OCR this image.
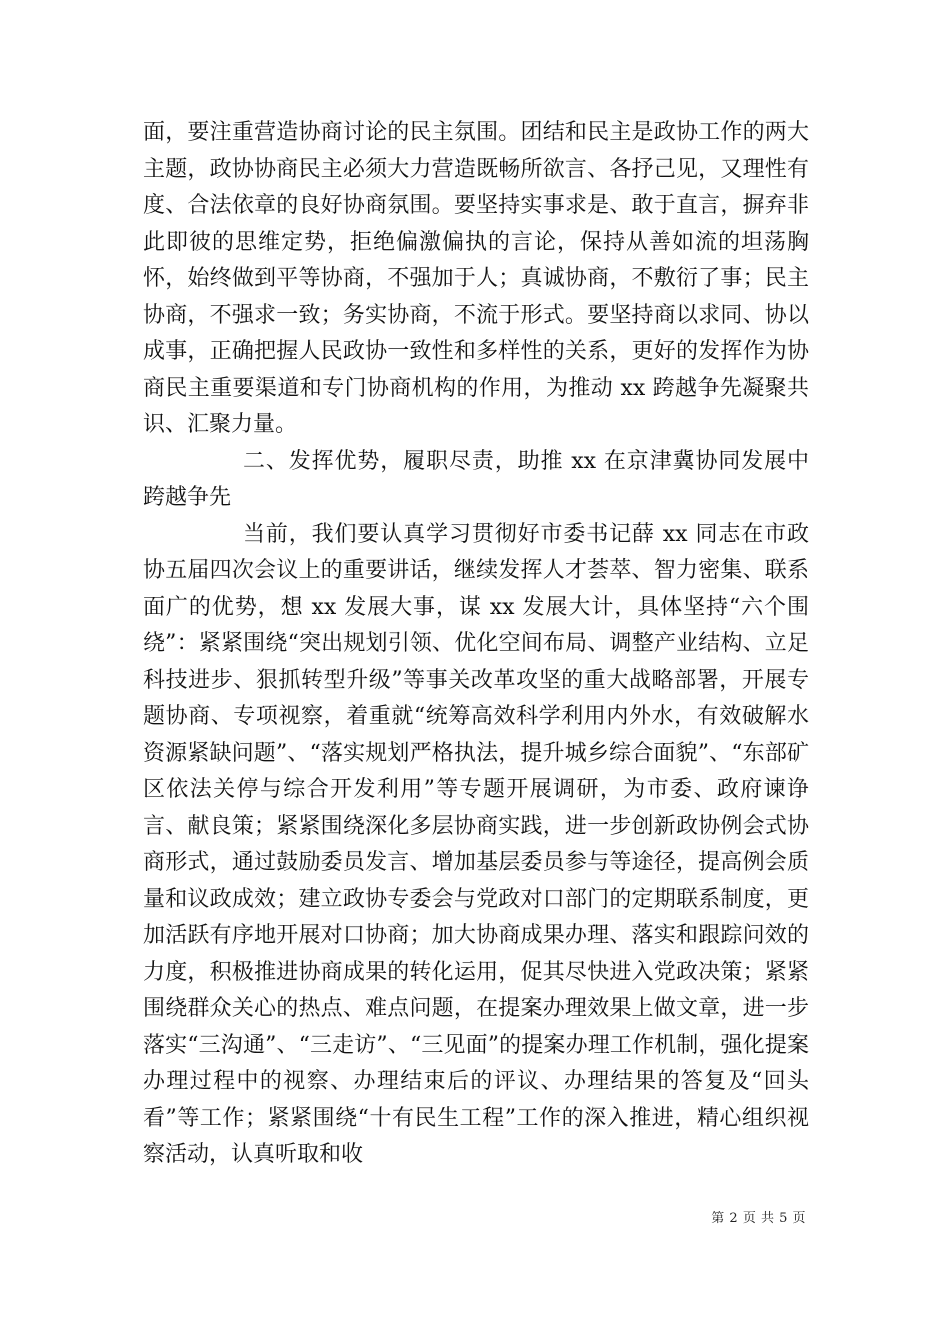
面，要注重营造协商讨论的民主氛围。团结和民主是政协工作的两大主题，政协协商民主必须大力营造既畅所欲言、各抒己见，又理性有度、合法依章的良好协商氛围。要坚持实事求是、敢于直言，摒弃非此即彼的思维定势，拒绝偏激偏执的言论，保持从善如流的坦荡胸怀，始终做到平等协商，不强加于人；真诚协商，不敷衍了事；民主协商，不强求一致；务实协商，不流于形式。要坚持商以求同、协以成事，正确把握人民政协一致性和多样性的关系，更好的发挥作为协商民主重要渠道和专门协商机构的作用，为推动 xx 跨越争先凝聚共识、汇聚力量。

二、发挥优势，履职尽责，助推 xx 在京津冀协同发展中跨越争先

当前，我们要认真学习贯彻好市委书记薛 xx 同志在市政协五届四次会议上的重要讲话，继续发挥人才荟萃、智力密集、联系面广的优势，想 xx 发展大事，谋 xx 发展大计，具体坚持“六个围绕”：紧紧围绕“突出规划引领、优化空间布局、调整产业结构、立足科技进步、狠抓转型升级”等事关改革攻坚的重大战略部署，开展专题协商、专项视察，着重就“统筹高效科学利用内外水，有效破解水资源紧缺问题”、“落实规划严格执法，提升城乡综合面貌”、“东部矿区依法关停与综合开发利用”等专题开展调研，为市委、政府谏诤言、献良策；紧紧围绕深化多层协商实践，进一步创新政协例会式协商形式，通过鼓励委员发言、增加基层委员参与等途径，提高例会质量和议政成效；建立政协专委会与党政对口部门的定期联系制度，更加活跃有序地开展对口协商；加大协商成果办理、落实和跟踪问效的力度，积极推进协商成果的转化运用，促其尽快进入党政决策；紧紧围绕群众关心的热点、难点问题，在提案办理效果上做文章，进一步落实“三沟通”、“三走访”、“三见面”的提案办理工作机制，强化提案办理过程中的视察、办理结束后的评议、办理结果的答复及“回头看”等工作；紧紧围绕“十有民生工程”工作的深入推进，精心组织视察活动，认真听取和收

第 2 页 共 5 页
